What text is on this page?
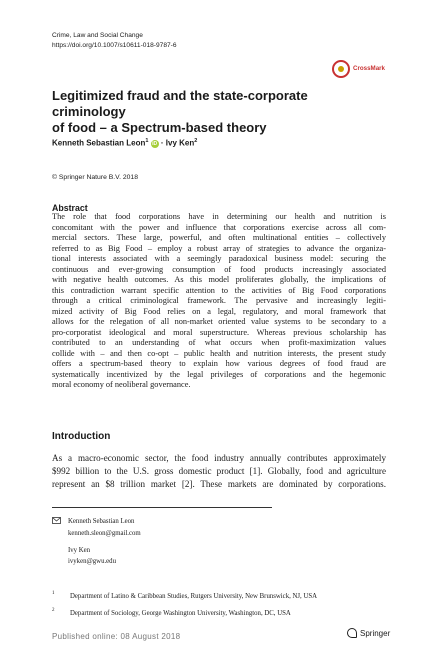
Crime, Law and Social Change
https://doi.org/10.1007/s10611-018-9787-6
CrossMark
Legitimized fraud and the state-corporate criminology
of food – a Spectrum-based theory
Kenneth Sebastian Leon$^1$ iD · Ivy Ken$^2$
© Springer Nature B.V. 2018
Abstract
The role that food corporations have in determining our health and nutrition is
concomitant with the power and influence that corporations exercise across all com-
mercial sectors. These large, powerful, and often multinational entities – collectively
referred to as Big Food – employ a robust array of strategies to advance the organiza-
tional interests associated with a seemingly paradoxical business model: securing the
continuous and ever-growing consumption of food products increasingly associated
with negative health outcomes. As this model proliferates globally, the implications of
this contradiction warrant specific attention to the activities of Big Food corporations
through a critical criminological framework. The pervasive and increasingly legiti-
mized activity of Big Food relies on a legal, regulatory, and moral framework that
allows for the relegation of all non-market oriented value systems to be secondary to a
pro-corporatist ideological and moral superstructure. Whereas previous scholarship has
contributed to an understanding of what occurs when profit-maximization values
collide with – and then co-opt – public health and nutrition interests, the present study
offers a spectrum-based theory to explain how various degrees of food fraud are
systematically incentivized by the legal privileges of corporations and the hegemonic
moral economy of neoliberal governance.
Introduction
As a macro-economic sector, the food industry annually contributes approximately
$992 billion to the U.S. gross domestic product [1]. Globally, food and agriculture
represent an $8 trillion market [2]. These markets are dominated by corporations.
Kenneth Sebastian Leon
kenneth.sleon@gmail.com
Ivy Ken
ivyken@gwu.edu
1	Department of Latino & Caribbean Studies, Rutgers University, New Brunswick, NJ, USA
2	Department of Sociology, George Washington University, Washington, DC, USA
Published online: 08 August 2018	Springer
